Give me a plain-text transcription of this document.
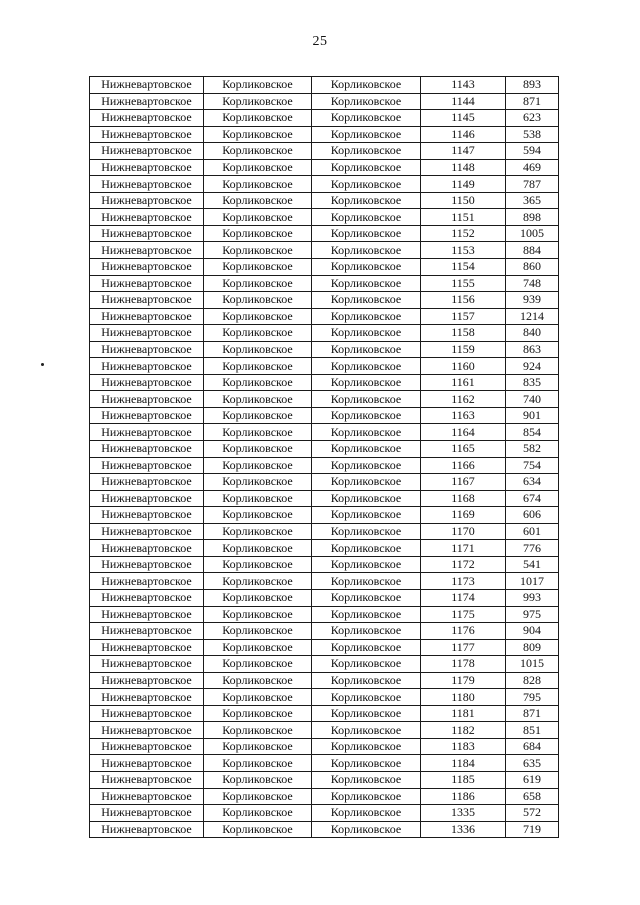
25
Нижневартовское	Корликовское	Корликовское	1143	893
Нижневартовское	Корликовское	Корликовское	1144	871
Нижневартовское	Корликовское	Корликовское	1145	623
Нижневартовское	Корликовское	Корликовское	1146	538
Нижневартовское	Корликовское	Корликовское	1147	594
Нижневартовское	Корликовское	Корликовское	1148	469
Нижневартовское	Корликовское	Корликовское	1149	787
Нижневартовское	Корликовское	Корликовское	1150	365
Нижневартовское	Корликовское	Корликовское	1151	898
Нижневартовское	Корликовское	Корликовское	1152	1005
Нижневартовское	Корликовское	Корликовское	1153	884
Нижневартовское	Корликовское	Корликовское	1154	860
Нижневартовское	Корликовское	Корликовское	1155	748
Нижневартовское	Корликовское	Корликовское	1156	939
Нижневартовское	Корликовское	Корликовское	1157	1214
Нижневартовское	Корликовское	Корликовское	1158	840
Нижневартовское	Корликовское	Корликовское	1159	863
Нижневартовское	Корликовское	Корликовское	1160	924
Нижневартовское	Корликовское	Корликовское	1161	835
Нижневартовское	Корликовское	Корликовское	1162	740
Нижневартовское	Корликовское	Корликовское	1163	901
Нижневартовское	Корликовское	Корликовское	1164	854
Нижневартовское	Корликовское	Корликовское	1165	582
Нижневартовское	Корликовское	Корликовское	1166	754
Нижневартовское	Корликовское	Корликовское	1167	634
Нижневартовское	Корликовское	Корликовское	1168	674
Нижневартовское	Корликовское	Корликовское	1169	606
Нижневартовское	Корликовское	Корликовское	1170	601
Нижневартовское	Корликовское	Корликовское	1171	776
Нижневартовское	Корликовское	Корликовское	1172	541
Нижневартовское	Корликовское	Корликовское	1173	1017
Нижневартовское	Корликовское	Корликовское	1174	993
Нижневартовское	Корликовское	Корликовское	1175	975
Нижневартовское	Корликовское	Корликовское	1176	904
Нижневартовское	Корликовское	Корликовское	1177	809
Нижневартовское	Корликовское	Корликовское	1178	1015
Нижневартовское	Корликовское	Корликовское	1179	828
Нижневартовское	Корликовское	Корликовское	1180	795
Нижневартовское	Корликовское	Корликовское	1181	871
Нижневартовское	Корликовское	Корликовское	1182	851
Нижневартовское	Корликовское	Корликовское	1183	684
Нижневартовское	Корликовское	Корликовское	1184	635
Нижневартовское	Корликовское	Корликовское	1185	619
Нижневартовское	Корликовское	Корликовское	1186	658
Нижневартовское	Корликовское	Корликовское	1335	572
Нижневартовское	Корликовское	Корликовское	1336	719
